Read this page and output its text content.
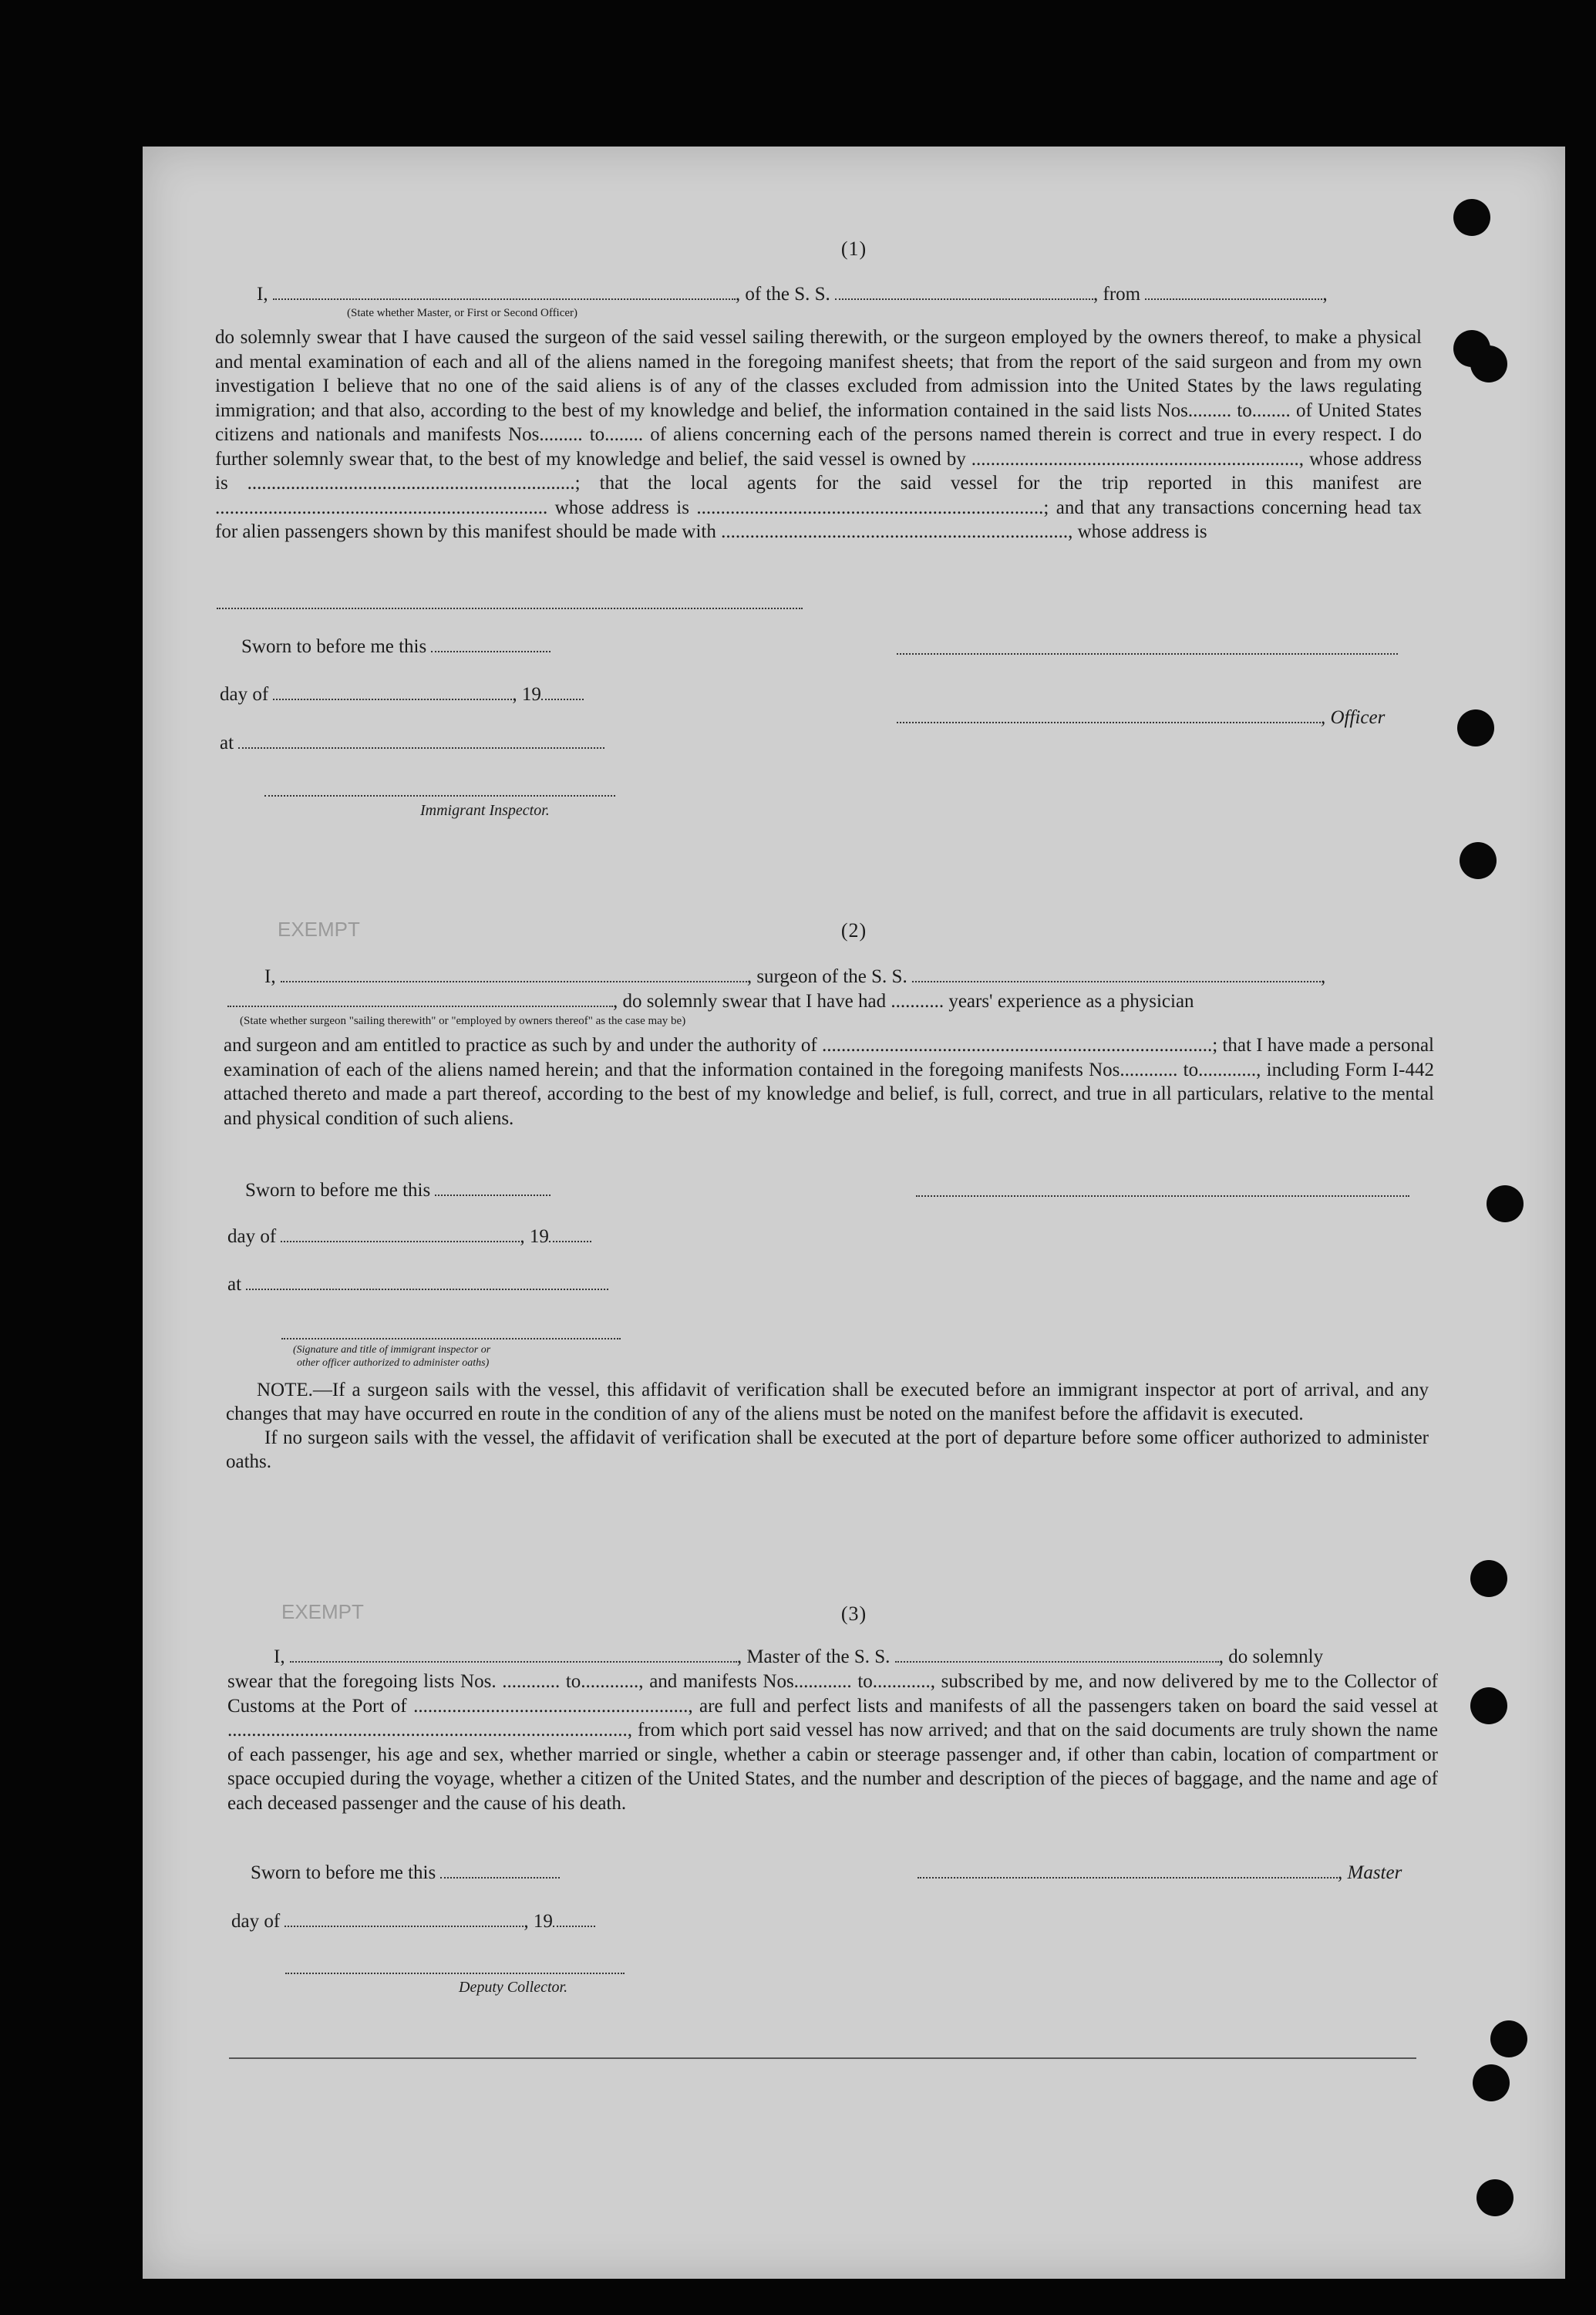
EXEMPT
EXEMPT
(1)
I,	, of the S. S.	, from	,
(State whether Master, or First or Second Officer)

do solemnly swear that I have caused the surgeon of the said vessel sailing therewith, or the surgeon employed by the owners thereof, to make a physical and mental examination of each and all of the aliens named in the foregoing manifest sheets; that from the report of the said surgeon and from my own investigation I believe that no one of the said aliens is of any of the classes excluded from admission into the United States by the laws regulating immigration; and that also, according to the best of my knowledge and belief, the information contained in the said lists Nos......... to........ of United States citizens and nationals and manifests Nos......... to........ of aliens concerning each of the persons named therein is correct and true in every respect. I do further solemnly swear that, to the best of my knowledge and belief, the said vessel is owned by ...................................................................., whose address is ....................................................................; that the local agents for the said vessel for the trip reported in this manifest are ..................................................................... whose address is ........................................................................; and that any transactions concerning head tax for alien passengers shown by this manifest should be made with ........................................................................, whose address is

Sworn to before me this
day of	, 19
at
Immigrant Inspector.
, Officer
(2)
I,	, surgeon of the S. S.	,
, do solemnly swear that I have had ........... years' experience as a physician
(State whether surgeon "sailing therewith" or "employed by owners thereof" as the case may be)

and surgeon and am entitled to practice as such by and under the authority of .................................................................................; that I have made a personal examination of each of the aliens named herein; and that the information contained in the foregoing manifests Nos............ to............, including Form I-442 attached thereto and made a part thereof, according to the best of my knowledge and belief, is full, correct, and true in all particulars, relative to the mental and physical condition of such aliens.

Sworn to before me this
day of	, 19
at
(Signature and title of immigrant inspector or
other officer authorized to administer oaths)

NOTE.—If a surgeon sails with the vessel, this affidavit of verification shall be executed before an immigrant inspector at port of arrival, and any changes that may have occurred en route in the condition of any of the aliens must be noted on the manifest before the affidavit is executed.

If no surgeon sails with the vessel, the affidavit of verification shall be executed at the port of departure before some officer authorized to administer oaths.

(3)
I,	, Master of the S. S.	, do solemnly

swear that the foregoing lists Nos. ............ to............, and manifests Nos............ to............, subscribed by me, and now delivered by me to the Collector of Customs at the Port of ........................................................., are full and perfect lists and manifests of all the passengers taken on board the said vessel at ..................................................................................., from which port said vessel has now arrived; and that on the said documents are truly shown the name of each passenger, his age and sex, whether married or single, whether a cabin or steerage passenger and, if other than cabin, location of compartment or space occupied during the voyage, whether a citizen of the United States, and the number and description of the pieces of baggage, and the name and age of each deceased passenger and the cause of his death.

Sworn to before me this	, Master
day of	, 19
Deputy Collector.
